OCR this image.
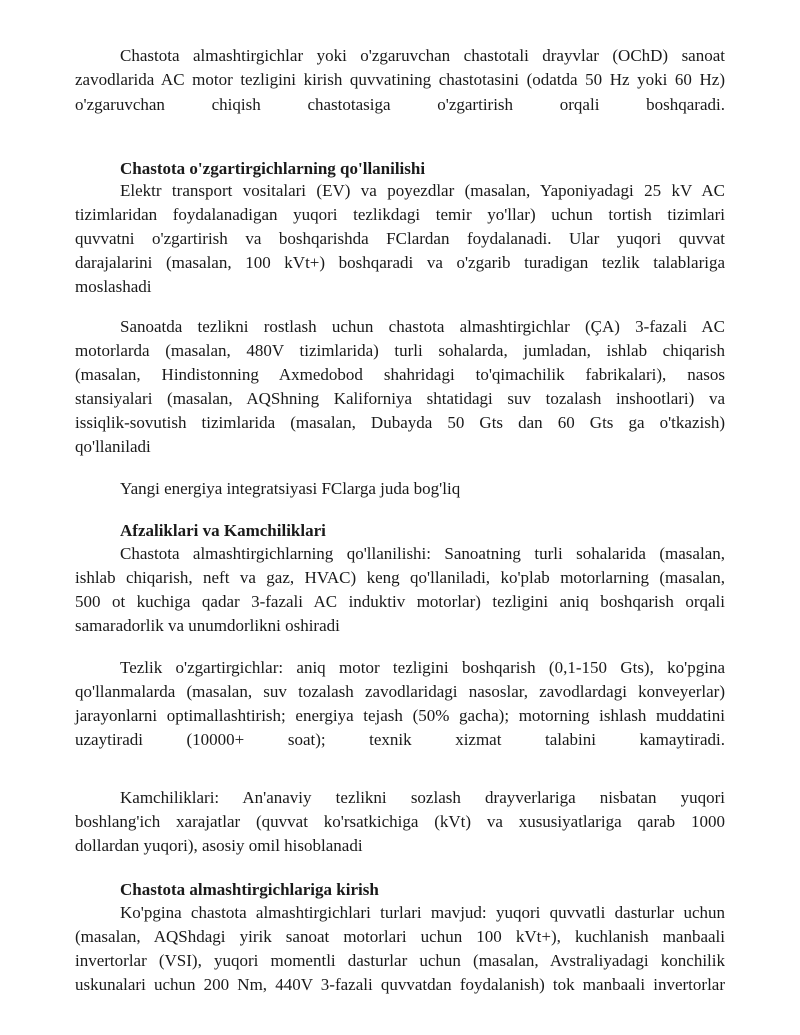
Chastota almashtirgichlar yoki o'zgaruvchan chastotali drayvlar (OChD) sanoat
zavodlarida AC motor tezligini kirish quvvatining chastotasini (odatda 50 Hz yoki 60 Hz)
o'zgaruvchan chiqish chastotasiga o'zgartirish orqali boshqaradi.
Chastota o'zgartirgichlarning qo'llanilishi
Elektr transport vositalari (EV) va poyezdlar (masalan, Yaponiyadagi 25 kV AC
tizimlaridan foydalanadigan yuqori tezlikdagi temir yo'llar) uchun tortish tizimlari
quvvatni o'zgartirish va boshqarishda FClardan foydalanadi. Ular yuqori quvvat
darajalarini (masalan, 100 kVt+) boshqaradi va o'zgarib turadigan tezlik talablariga
moslashadi
Sanoatda tezlikni rostlash uchun chastota almashtirgichlar (ÇA) 3-fazali AC
motorlarda (masalan, 480V tizimlarida) turli sohalarda, jumladan, ishlab chiqarish
(masalan, Hindistonning Axmedobod shahridagi to'qimachilik fabrikalari), nasos
stansiyalari (masalan, AQShning Kaliforniya shtatidagi suv tozalash inshootlari) va
issiqlik-sovutish tizimlarida (masalan, Dubayda 50 Gts dan 60 Gts ga o'tkazish)
qo'llaniladi
Yangi energiya integratsiyasi FClarga juda bog'liq
Afzaliklari va Kamchiliklari
Chastota almashtirgichlarning qo'llanilishi: Sanoatning turli sohalarida (masalan,
ishlab chiqarish, neft va gaz, HVAC) keng qo'llaniladi, ko'plab motorlarning (masalan,
500 ot kuchiga qadar 3-fazali AC induktiv motorlar) tezligini aniq boshqarish orqali
samaradorlik va unumdorlikni oshiradi
Tezlik o'zgartirgichlar: aniq motor tezligini boshqarish (0,1-150 Gts), ko'pgina
qo'llanmalarda (masalan, suv tozalash zavodlaridagi nasoslar, zavodlardagi konveyerlar)
jarayonlarni optimallashtirish; energiya tejash (50% gacha); motorning ishlash muddatini
uzaytiradi (10000+ soat); texnik xizmat talabini kamaytiradi.
Kamchiliklari: An'anaviy tezlikni sozlash drayverlariga nisbatan yuqori
boshlang'ich xarajatlar (quvvat ko'rsatkichiga (kVt) va xususiyatlariga qarab 1000
dollardan yuqori), asosiy omil hisoblanadi
Chastota almashtirgichlariga kirish
Ko'pgina chastota almashtirgichlari turlari mavjud: yuqori quvvatli dasturlar uchun
(masalan, AQShdagi yirik sanoat motorlari uchun 100 kVt+), kuchlanish manbaali
invertorlar (VSI), yuqori momentli dasturlar uchun (masalan, Avstraliyadagi konchilik
uskunalari uchun 200 Nm, 440V 3-fazali quvvatdan foydalanish) tok manbaali invertorlar
